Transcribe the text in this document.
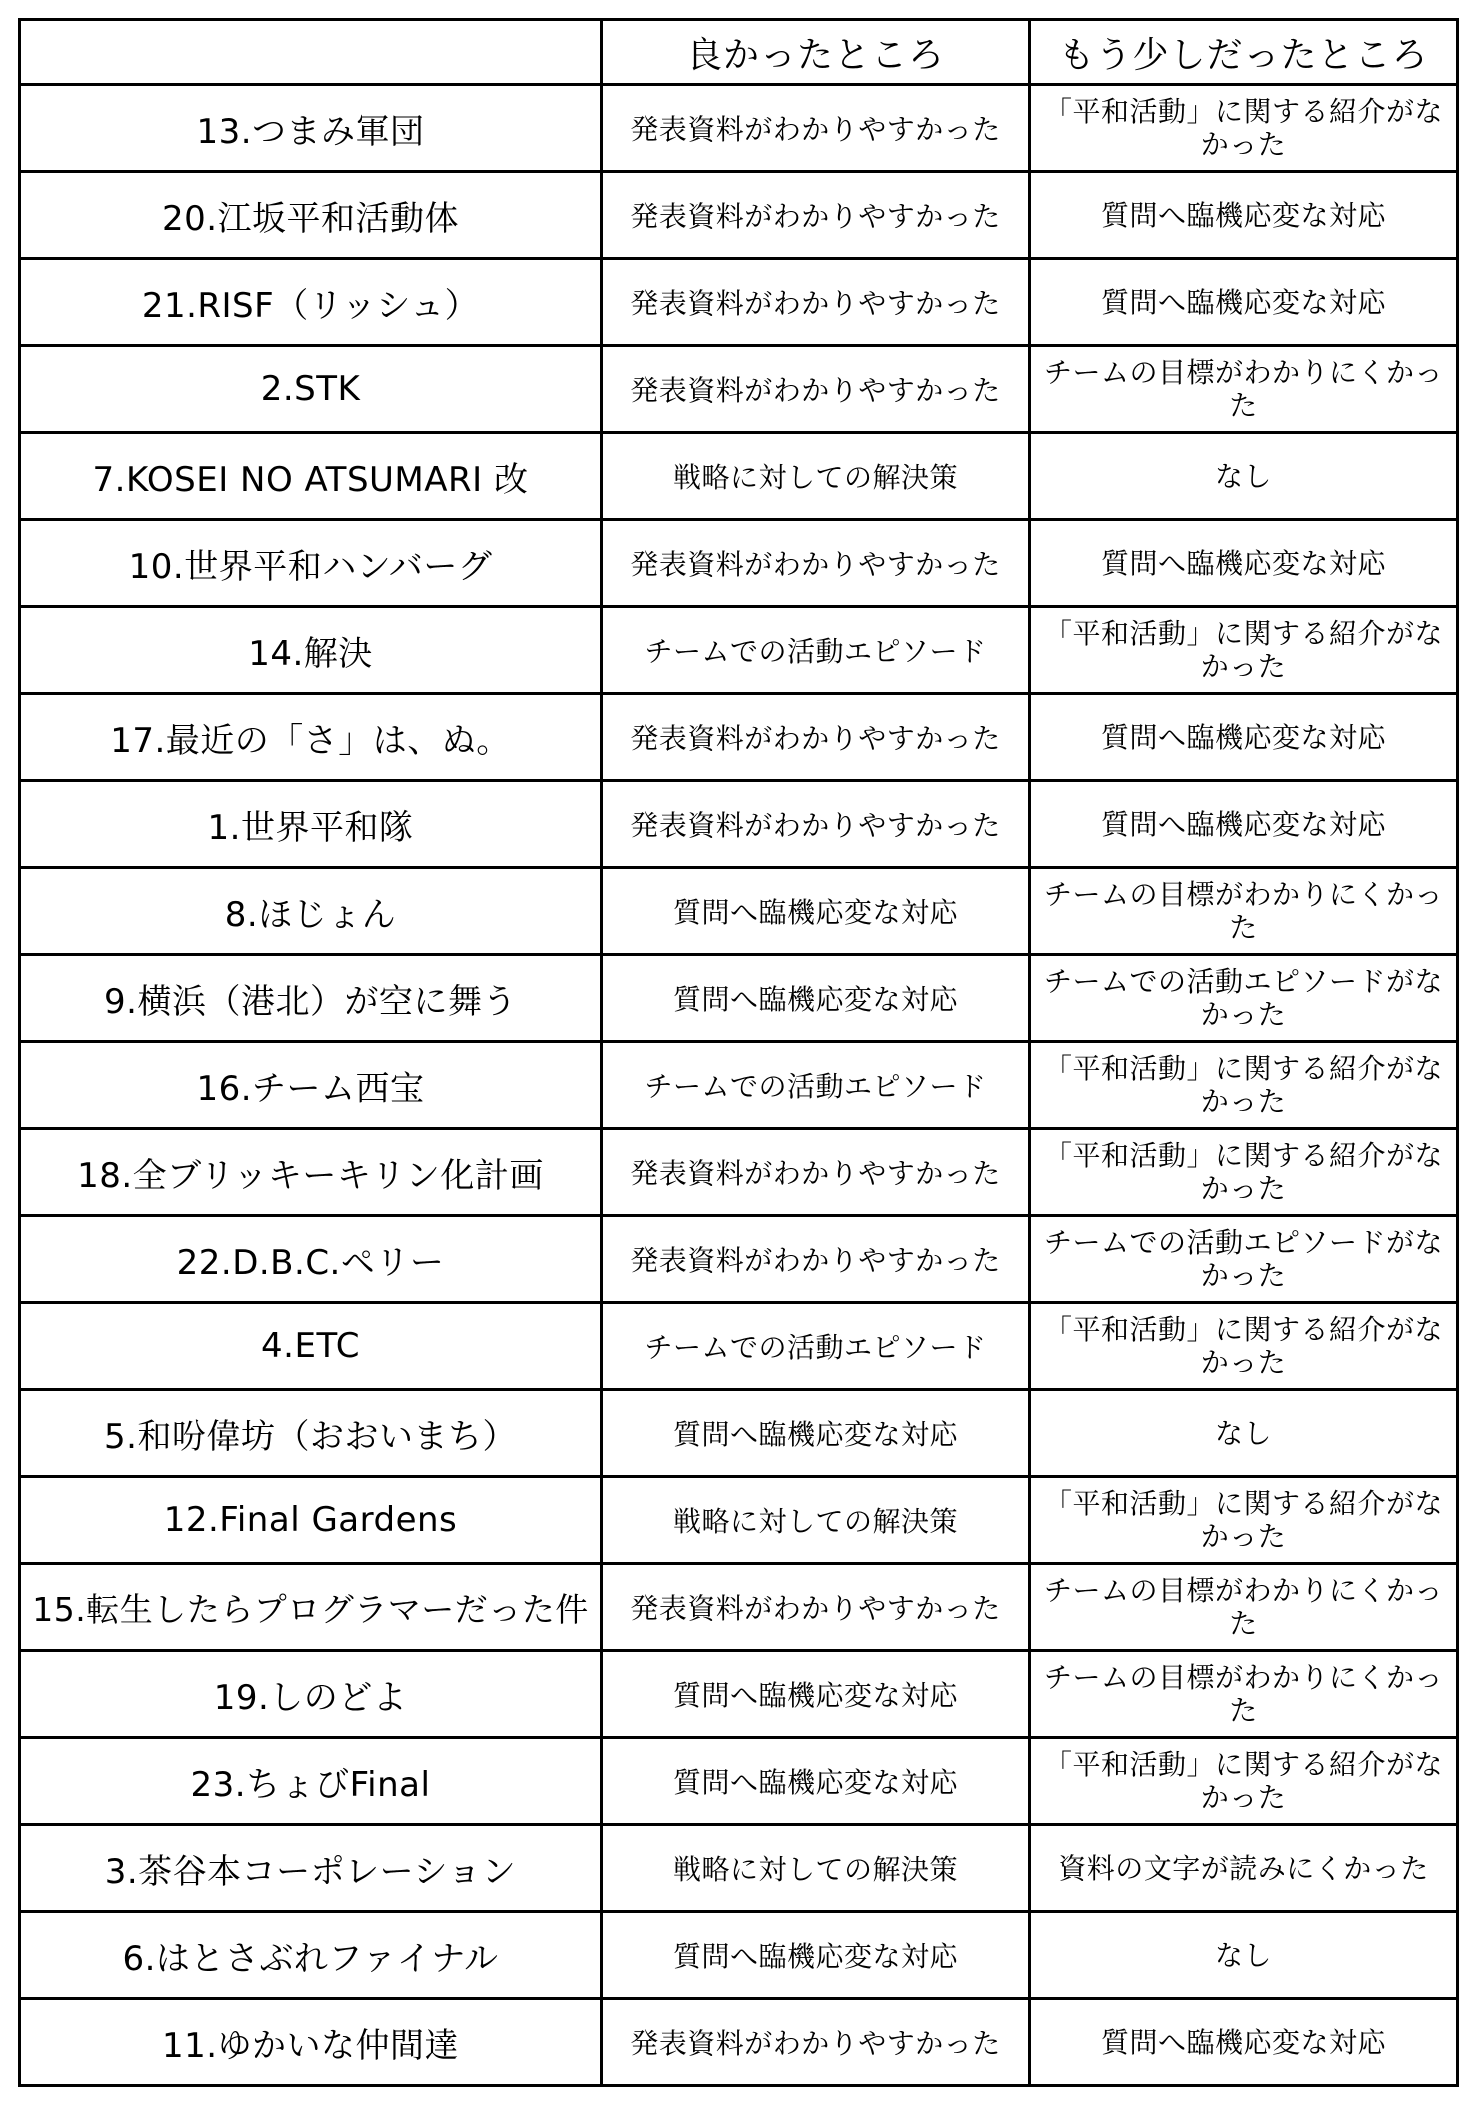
	良かったところ	もう少しだったところ
13.つまみ軍団	発表資料がわかりやすかった	「平和活動」に関する紹介がなかった
20.江坂平和活動体	発表資料がわかりやすかった	質問へ臨機応変な対応
21.RISF（リッシュ）	発表資料がわかりやすかった	質問へ臨機応変な対応
2.STK	発表資料がわかりやすかった	チームの目標がわかりにくかった
7.KOSEI NO ATSUMARI 改	戦略に対しての解決策	なし
10.世界平和ハンバーグ	発表資料がわかりやすかった	質問へ臨機応変な対応
14.解決	チームでの活動エピソード	「平和活動」に関する紹介がなかった
17.最近の「さ」は、ぬ。	発表資料がわかりやすかった	質問へ臨機応変な対応
1.世界平和隊	発表資料がわかりやすかった	質問へ臨機応変な対応
8.ほじょん	質問へ臨機応変な対応	チームの目標がわかりにくかった
9.横浜（港北）が空に舞う	質問へ臨機応変な対応	チームでの活動エピソードがなかった
16.チーム西宝	チームでの活動エピソード	「平和活動」に関する紹介がなかった
18.全ブリッキーキリン化計画	発表資料がわかりやすかった	「平和活動」に関する紹介がなかった
22.D.B.C.ペリー	発表資料がわかりやすかった	チームでの活動エピソードがなかった
4.ETC	チームでの活動エピソード	「平和活動」に関する紹介がなかった
5.和吩偉坊（おおいまち）	質問へ臨機応変な対応	なし
12.Final Gardens	戦略に対しての解決策	「平和活動」に関する紹介がなかった
15.転生したらプログラマーだった件	発表資料がわかりやすかった	チームの目標がわかりにくかった
19.しのどよ	質問へ臨機応変な対応	チームの目標がわかりにくかった
23.ちょびFinal	質問へ臨機応変な対応	「平和活動」に関する紹介がなかった
3.茶谷本コーポレーション	戦略に対しての解決策	資料の文字が読みにくかった
6.はとさぶれファイナル	質問へ臨機応変な対応	なし
11.ゆかいな仲間達	発表資料がわかりやすかった	質問へ臨機応変な対応
